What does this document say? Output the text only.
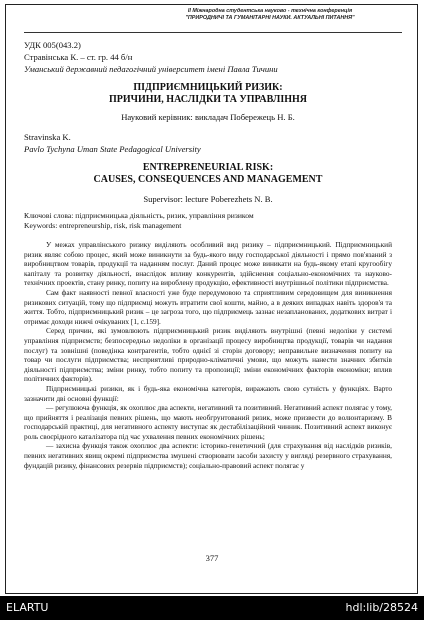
II Міжнародна студентська науково - технічна конференція
"ПРИРОДНИЧІ ТА ГУМАНІТАРНІ НАУКИ. АКТУАЛЬНІ ПИТАННЯ"
УДК 005(043.2)
Стравінська К. – ст. гр. 44 б/н
Уманський державний педагогічний університет імені Павла Тичини
ПІДПРИЄМНИЦЬКИЙ РИЗИК:
ПРИЧИНИ, НАСЛІДКИ ТА УПРАВЛІННЯ
Науковий керівник: викладач Побережець Н. Б.
Stravinska K.
Pavlo Tychyna Uman State Pedagogical University
ENTREPRENEURIAL RISK:
CAUSES, CONSEQUENCES AND MANAGEMENT
Supervisor: lecture Poberezhets N. B.
Ключові слова: підприємницька діяльність, ризик, управління ризиком
Keywords: entrepreneurship, risk, risk management

У межах управлінського ризику виділяють особливий вид ризику – підприємницький. Підприємницький ризик являє собою процес, який може виникнути за будь-якого виду господарської діяльності і прямо пов'язаний з виробництвом товарів, продукції та наданням послуг. Даний процес може виникати на будь-якому етапі кругообігу капіталу та розвитку діяльності, внаслідок впливу конкурентів, здійснення соціально-економічних та науково-технічних проектів, стану ринку, попиту на вироблену продукцію, ефективності внутрішньої політики підприємства.

Сам факт наявності певної власності уже буде передумовою та сприятливим середовищем для виникнення ризикових ситуацій, тому що підприємці можуть втратити свої кошти, майно, а в деяких випадках навіть здоров'я та життя. Тобто, підприємницький ризик – це загроза того, що підприємець зазнає незапланованих, додаткових витрат і отримає доходи нижчі очікуваних [1, с.159].

Серед причин, які зумовлюють підприємницький ризик виділяють внутрішні (певні недоліки у системі управління підприємств; безпосередньо недоліки в організації процесу виробництва продукції, товарів чи надання послуг) та зовнішні (поведінка контрагентів, тобто однієї зі сторін договору; неправильне визначення попиту на товар чи послуги підприємства; несприятливі природно-кліматичні умови, що можуть нанести значних збитків діяльності підприємства; зміни ринку, тобто попиту та пропозиції; зміни економічних факторів економіки; вплив політичних факторів).

Підприємницькі ризики, як і будь-яка економічна категорія, виражають свою сутність у функціях. Варто зазначити дві основні функції:

— регулююча функція, як охоплює два аспекти, негативний та позитивний. Негативний аспект полягає у тому, що прийняття і реалізація певних рішень, що мають необгрунтований ризик, може призвести до волюнтаризму. В господарській практиці, для негативного аспекту виступає як дестабілізаційний чинник. Позитивний аспект виконує роль своєрідного каталізатора під час ухвалення певних економічних рішень;

— захисна функція також охоплює два аспекти: історико-генетичний (для страхування від наслідків ризиків, певних негативних явищ окремі підприємства змушені створювати засоби захисту у вигляді резервного страхування, фундацій ризику, фінансових резервів підприємств); соціально-правовий аспект полягає у

377
ELARTU	hdl:lib/28524
